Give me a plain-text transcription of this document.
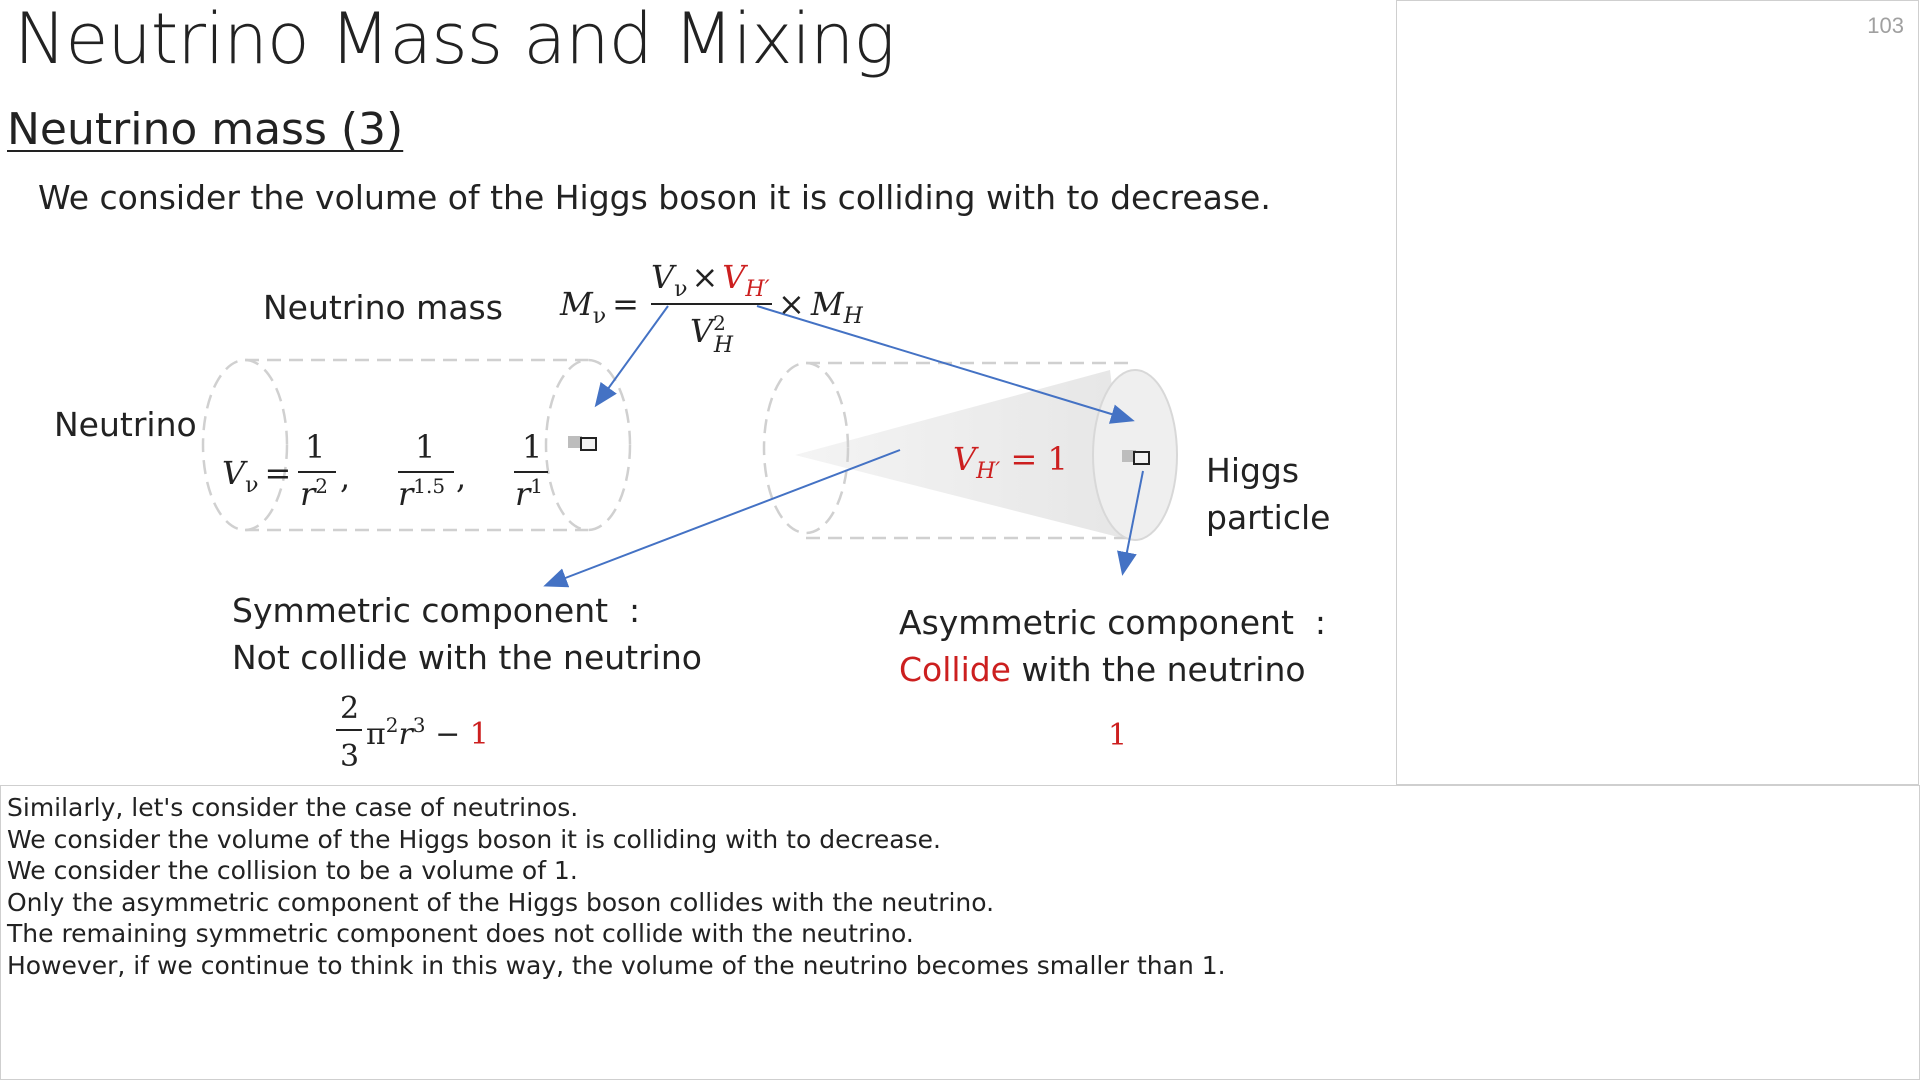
Neutrino Mass and Mixing
Neutrino mass (3)
We consider the volume of the Higgs boson it is colliding with to decrease.
$M_\nu$ =
$V_\nu \times V_{H'}$
$V^2$ H
× $M_H$
$V_\nu$ =
1
$r^2$ ,
1
$r^{1.5}$ ,
1
$r^1$
$V_{H'} = 1$
2
3
$\pi^2r^3 - 1$	1
Neutrino mass
Neutrino
Higgs
particle
Symmetric component  :
Not collide with the neutrino
Asymmetric component  :
Collide with the neutrino
103
Similarly, let's consider the case of neutrinos.
We consider the volume of the Higgs boson it is colliding with to decrease.
We consider the collision to be a volume of 1.
Only the asymmetric component of the Higgs boson collides with the neutrino.
The remaining symmetric component does not collide with the neutrino.
However, if we continue to think in this way, the volume of the neutrino becomes smaller than 1.
